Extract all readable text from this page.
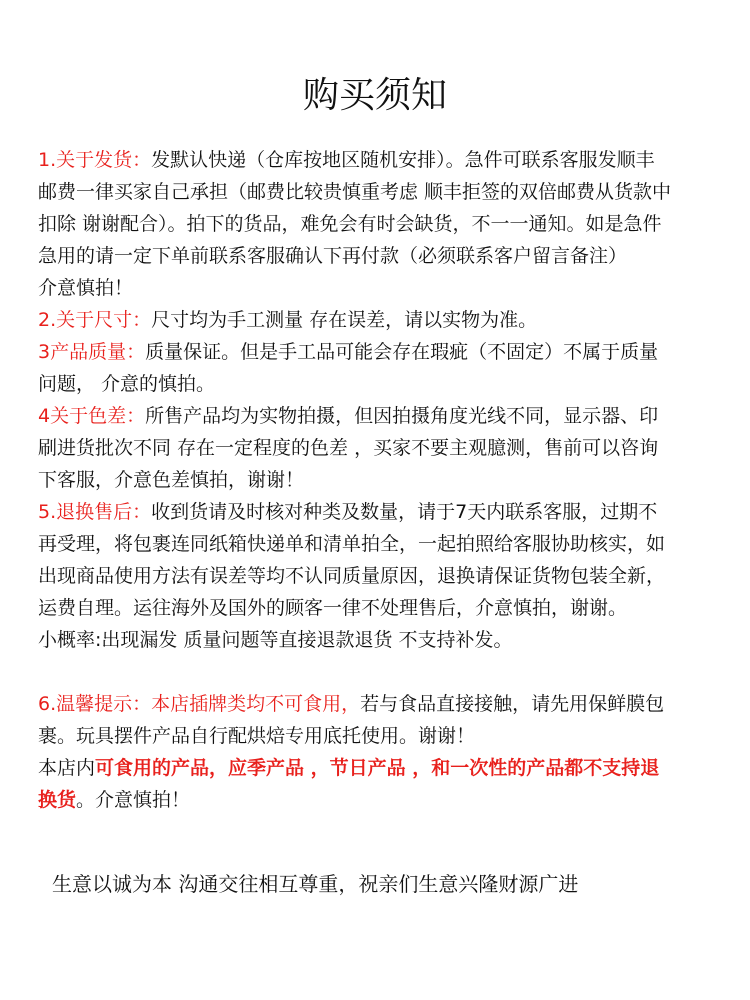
购买须知
1.关于发货：发默认快递（仓库按地区随机安排）。急件可联系客服发顺丰
邮费一律买家自己承担（邮费比较贵慎重考虑 顺丰拒签的双倍邮费从货款中
扣除 谢谢配合）。拍下的货品，难免会有时会缺货，不一一通知。如是急件
急用的请一定下单前联系客服确认下再付款（必须联系客户留言备注）
介意慎拍！
2.关于尺寸：尺寸均为手工测量 存在误差，请以实物为准。
3产品质量：质量保证。但是手工品可能会存在瑕疵（不固定）不属于质量
问题， 介意的慎拍。
4关于色差：所售产品均为实物拍摄，但因拍摄角度光线不同，显示器、印
刷进货批次不同 存在一定程度的色差 ，买家不要主观臆测，售前可以咨询
下客服，介意色差慎拍，谢谢！
5.退换售后：收到货请及时核对种类及数量，请于7天内联系客服，过期不
再受理，将包裹连同纸箱快递单和清单拍全，一起拍照给客服协助核实，如
出现商品使用方法有误差等均不认同质量原因，退换请保证货物包装全新，
运费自理。运往海外及国外的顾客一律不处理售后，介意慎拍，谢谢。
小概率:出现漏发 质量问题等直接退款退货 不支持补发。
6.温馨提示：本店插牌类均不可食用，若与食品直接接触，请先用保鲜膜包
裹。玩具摆件产品自行配烘焙专用底托使用。谢谢！
本店内可食用的产品，应季产品 ，节日产品 ，和一次性的产品都不支持退
换货。介意慎拍！
生意以诚为本 沟通交往相互尊重，祝亲们生意兴隆财源广进
